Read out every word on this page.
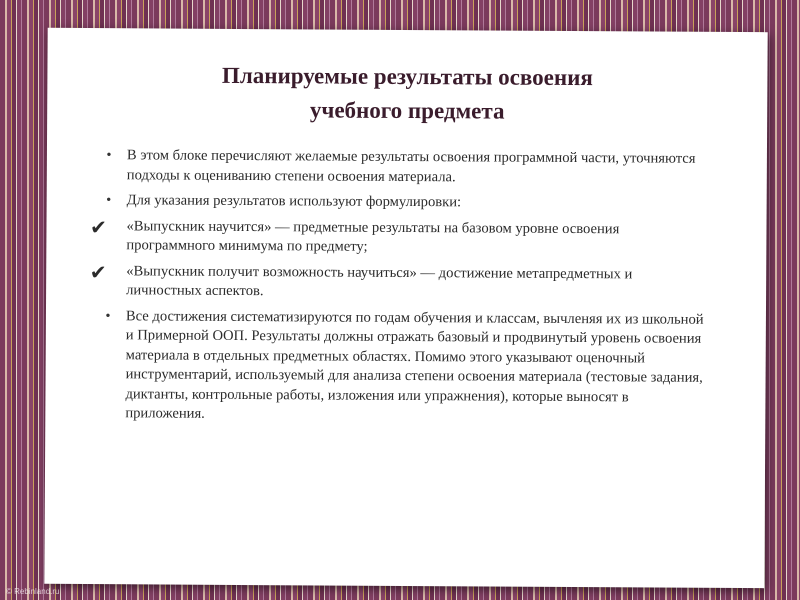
Планируемые результаты освоения
учебного предмета
•	В этом блоке перечисляют желаемые результаты освоения программной части, уточняются подходы к оцениванию степени освоения материала.
•	Для указания результатов используют формулировки:
✔ «Выпускник научится» — предметные результаты на базовом уровне освоения программного минимума по предмету;
✔ «Выпускник получит возможность научиться» — достижение метапредметных и личностных аспектов.
•	Все достижения систематизируются по годам обучения и классам, вычленяя их из школьной и Примерной ООП. Результаты должны отражать базовый и продвинутый уровень освоения материала в отдельных предметных областях. Помимо этого указывают оценочный инструментарий, используемый для анализа степени освоения материала (тестовые задания, диктанты, контрольные работы, изложения или упражнения), которые выносят в приложения.
© Rebinland.ru
